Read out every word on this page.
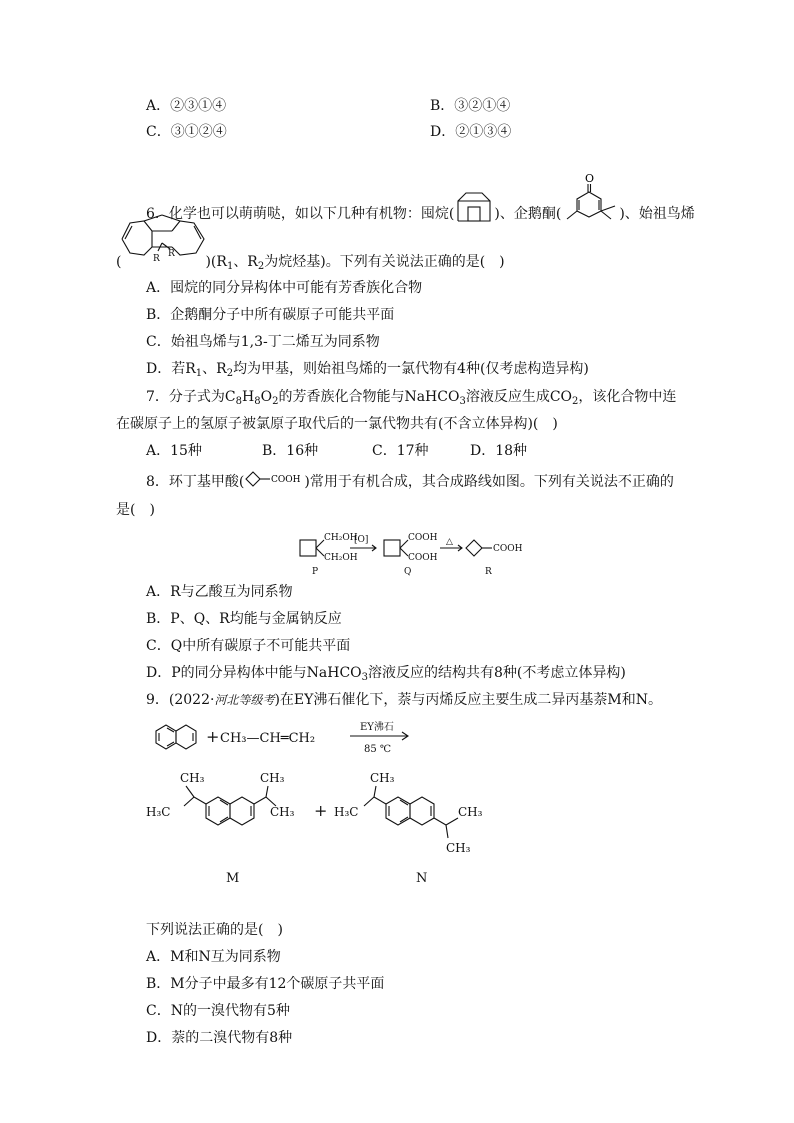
A．②③①④	B．③②①④
C．③①②④	D．②①③④
6．化学也可以萌萌哒，如以下几种有机物：囤烷(	)、企鹅酮(
O
)、始祖鸟烯
R R
(	)($R_1$、$R_2$为烷烃基)。下列有关说法正确的是(　)
A．囤烷的同分异构体中可能有芳香族化合物
B．企鹅酮分子中所有碳原子可能共平面
C．始祖鸟烯与1,3-丁二烯互为同系物
D．若$R_1$、$R_2$均为甲基，则始祖鸟烯的一氯代物有4种(仅考虑构造异构)
7．分子式为$C_8H_8O_2$的芳香族化合物能与NaHCO$_3$溶液反应生成$CO_2$，该化合物中连
在碳原子上的氢原子被氯原子取代后的一氯代物共有(不含立体异构)(　)
A．15种	B．16种	C．17种	D．18种
8．环丁基甲酸(	COOH )常用于有机合成，其合成路线如图。下列有关说法不正确的
是(　)
CH₂OH
CH₂OH
[O]	COOH
COOH
△
COOH
P	Q	R
A．R与乙酸互为同系物
B．P、Q、R均能与金属钠反应
C．Q中所有碳原子不可能共平面
D．P的同分异构体中能与NaHCO$_3$溶液反应的结构共有8种(不考虑立体异构)
9．(2022·河北等级考)在EY沸石催化下，萘与丙烯反应主要生成二异丙基萘M和N。
+ CH₃—CH═CH₂
EY沸石
85 ℃
CH₃
H₃C
CH₃
CH₃ +
CH₃
H₃C	CH₃
CH₃
M	N
下列说法正确的是(　)
A．M和N互为同系物
B．M分子中最多有12个碳原子共平面
C．N的一溴代物有5种
D．萘的二溴代物有8种
